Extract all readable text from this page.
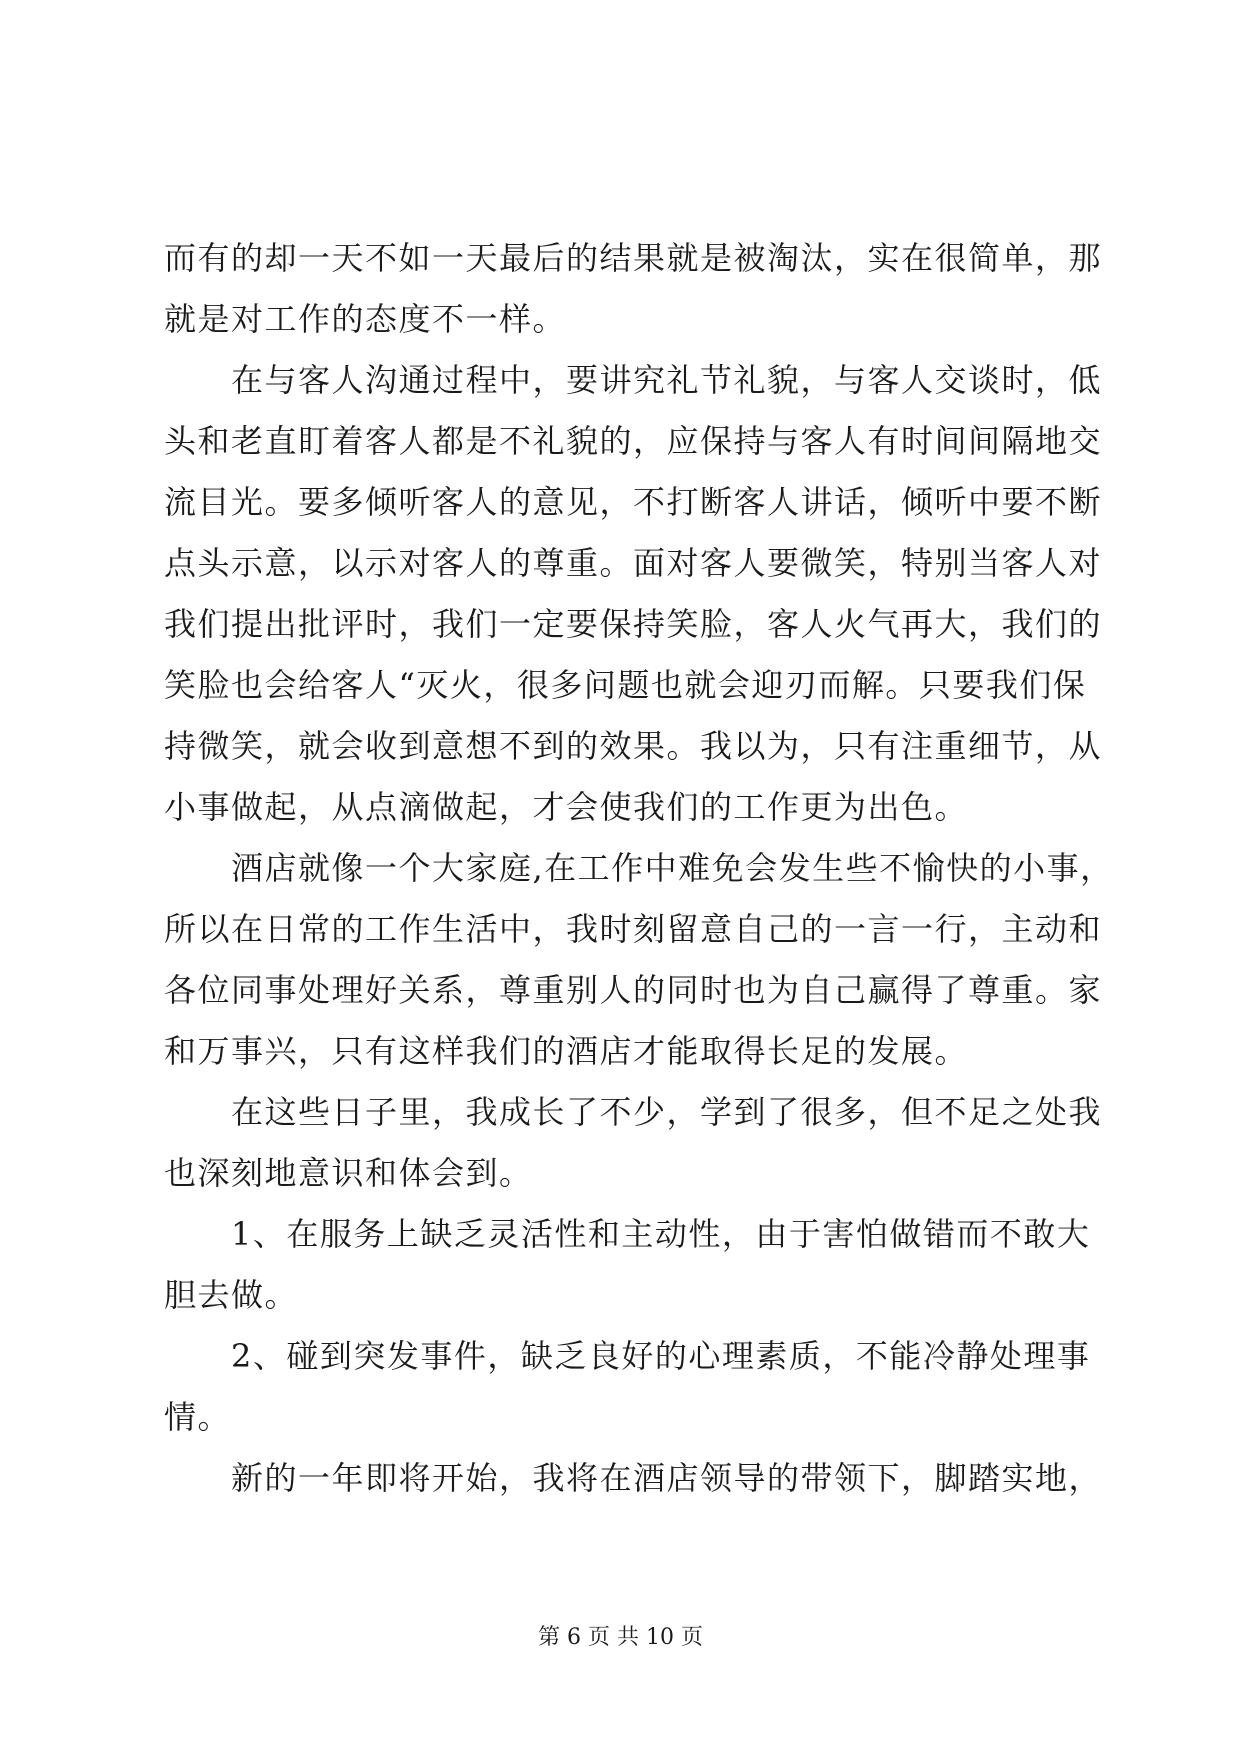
而有的却一天不如一天最后的结果就是被淘汰，实在很简单，那
就是对工作的态度不一样。
在与客人沟通过程中，要讲究礼节礼貌，与客人交谈时，低
头和老直盯着客人都是不礼貌的，应保持与客人有时间间隔地交
流目光。要多倾听客人的意见，不打断客人讲话，倾听中要不断
点头示意，以示对客人的尊重。面对客人要微笑，特别当客人对
我们提出批评时，我们一定要保持笑脸，客人火气再大，我们的
笑脸也会给客人“灭火，很多问题也就会迎刃而解。只要我们保
持微笑，就会收到意想不到的效果。我以为，只有注重细节，从
小事做起，从点滴做起，才会使我们的工作更为出色。
酒店就像一个大家庭,在工作中难免会发生些不愉快的小事，
所以在日常的工作生活中，我时刻留意自己的一言一行，主动和
各位同事处理好关系，尊重别人的同时也为自己赢得了尊重。家
和万事兴，只有这样我们的酒店才能取得长足的发展。
在这些日子里，我成长了不少，学到了很多，但不足之处我
也深刻地意识和体会到。
1、在服务上缺乏灵活性和主动性，由于害怕做错而不敢大
胆去做。
2、碰到突发事件，缺乏良好的心理素质，不能冷静处理事
情。
新的一年即将开始，我将在酒店领导的带领下，脚踏实地，
第 6 页 共 10 页
